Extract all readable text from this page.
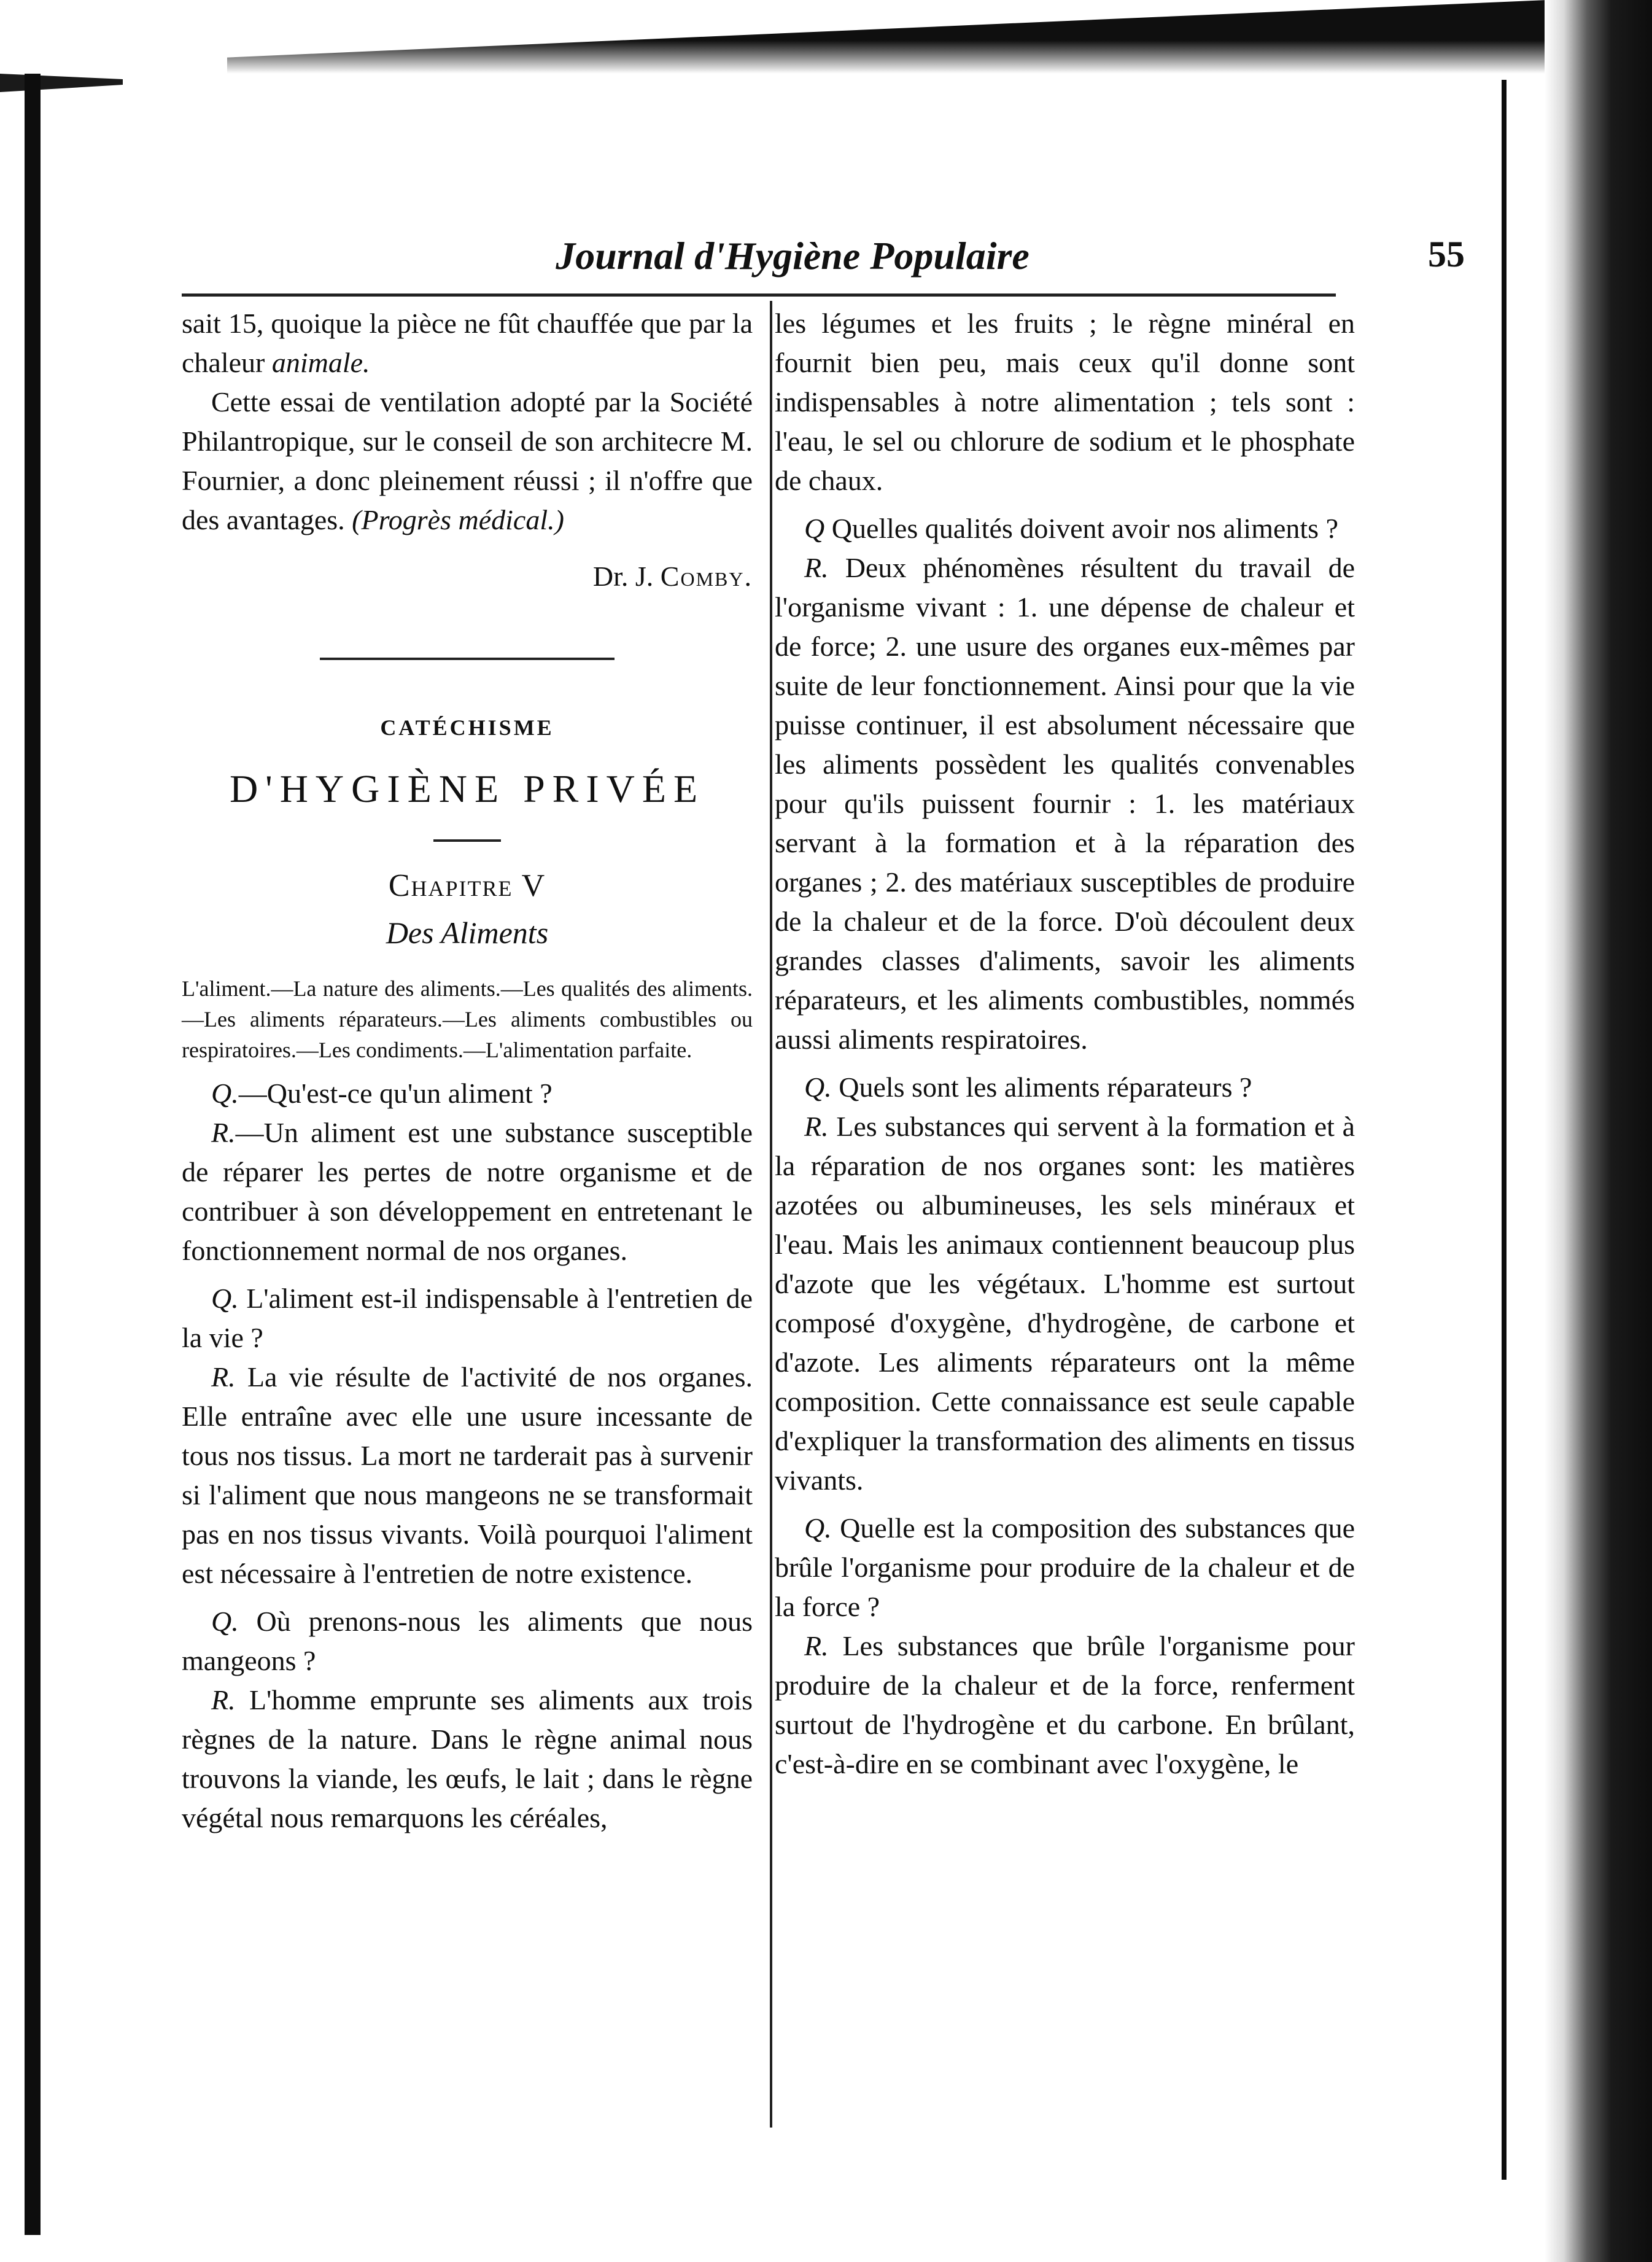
Journal d'Hygiène Populaire	55

sait 15, quoique la pièce ne fût chauffée que par la chaleur animale.

Cette essai de ventilation adopté par la Société Philantropique, sur le conseil de son architecre M. Fournier, a donc pleinement réussi ; il n'offre que des avantages. (Progrès médical.)

Dr. J. Comby.

CATÉCHISME

D'HYGIÈNE PRIVÉE

Chapitre V

Des Aliments

L'aliment.—La nature des aliments.—Les qualités des aliments.—Les aliments réparateurs.—Les aliments combustibles ou respiratoires.—Les condiments.—L'alimentation parfaite.

Q.—Qu'est-ce qu'un aliment ?

R.—Un aliment est une substance susceptible de réparer les pertes de notre organisme et de contribuer à son développement en entretenant le fonctionnement normal de nos organes.

Q. L'aliment est-il indispensable à l'entretien de la vie ?

R. La vie résulte de l'activité de nos organes. Elle entraîne avec elle une usure incessante de tous nos tissus. La mort ne tarderait pas à survenir si l'aliment que nous mangeons ne se transformait pas en nos tissus vivants. Voilà pourquoi l'aliment est nécessaire à l'entretien de notre existence.

Q. Où prenons-nous les aliments que nous mangeons ?

R. L'homme emprunte ses aliments aux trois règnes de la nature. Dans le règne animal nous trouvons la viande, les œufs, le lait ; dans le règne végétal nous remarquons les céréales,

les légumes et les fruits ; le règne minéral en fournit bien peu, mais ceux qu'il donne sont indispensables à notre alimentation ; tels sont : l'eau, le sel ou chlorure de sodium et le phosphate de chaux.

Q Quelles qualités doivent avoir nos aliments ?

R. Deux phénomènes résultent du travail de l'organisme vivant : 1. une dépense de chaleur et de force; 2. une usure des organes eux-mêmes par suite de leur fonctionnement. Ainsi pour que la vie puisse continuer, il est absolument nécessaire que les aliments possèdent les qualités convenables pour qu'ils puissent fournir : 1. les matériaux servant à la formation et à la réparation des organes ; 2. des matériaux susceptibles de produire de la chaleur et de la force. D'où découlent deux grandes classes d'aliments, savoir les aliments réparateurs, et les aliments combustibles, nommés aussi aliments respiratoires.

Q. Quels sont les aliments réparateurs ?

R. Les substances qui servent à la formation et à la réparation de nos organes sont: les matières azotées ou albumineuses, les sels minéraux et l'eau. Mais les animaux contiennent beaucoup plus d'azote que les végétaux. L'homme est surtout composé d'oxygène, d'hydrogène, de carbone et d'azote. Les aliments réparateurs ont la même composition. Cette connaissance est seule capable d'expliquer la transformation des aliments en tissus vivants.

Q. Quelle est la composition des substances que brûle l'organisme pour produire de la chaleur et de la force ?

R. Les substances que brûle l'organisme pour produire de la chaleur et de la force, renferment surtout de l'hydrogène et du carbone. En brûlant, c'est-à-dire en se combinant avec l'oxygène, le
